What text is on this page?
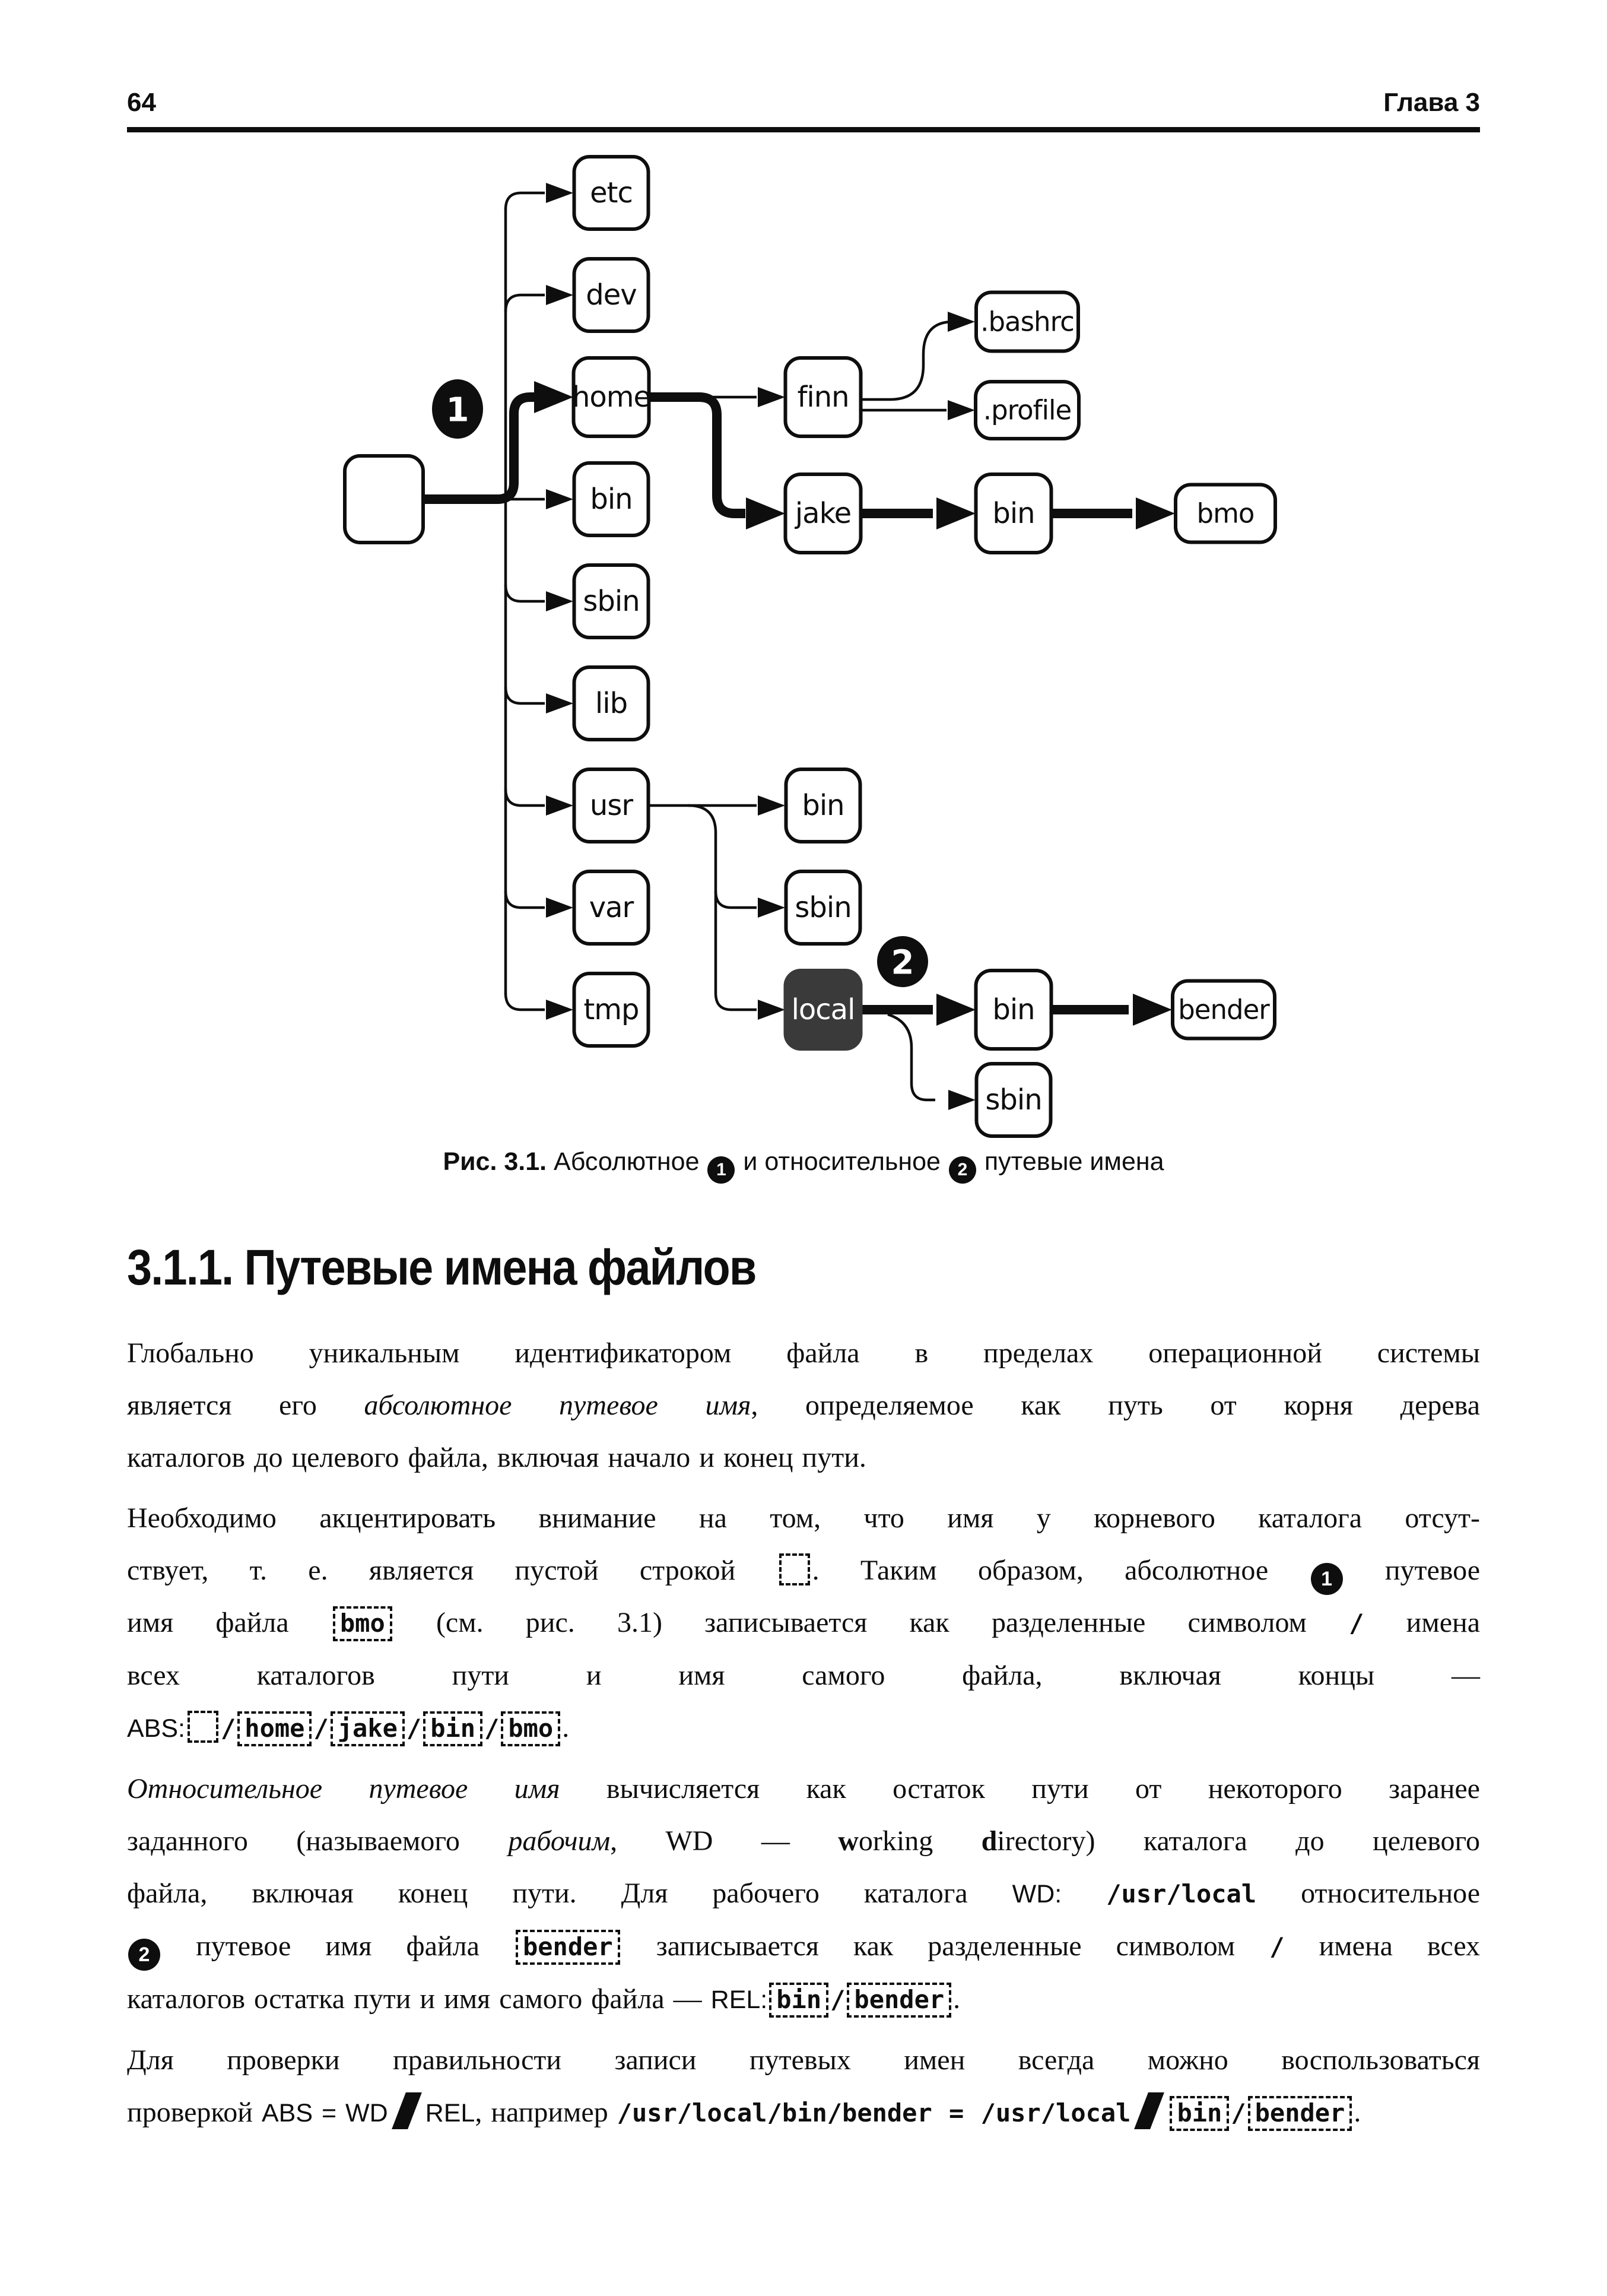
64	Глава 3
etc
dev
home
bin
sbin
lib
usr
var
tmp
finn
jake
.bashrc
.profile
bin	bmo
bin
sbin
local	bin	bender
sbin
1
2
Рис. 3.1. Абсолютное 1 и относительное 2 путевые имена
3.1.1. Путевые имена файлов
Глобально уникальным идентификатором файла в пределах операционной системы
является его абсолютное путевое имя, определяемое как путь от корня дерева
каталогов до целевого файла, включая начало и конец пути.
Необходимо акцентировать внимание на том, что имя у корневого каталога отсут-
ствует, т. е. является пустой строкой . Таким образом, абсолютное 1 путевое
имя файла bmo (см. рис. 3.1) записывается как разделенные символом / имена
всех каталогов пути и имя самого файла, включая концы —
ABS: / home / jake / bin / bmo .
Относительное путевое имя вычисляется как остаток пути от некоторого заранее
заданного (называемого рабочим, WD — working directory) каталога до целевого
файла, включая конец пути. Для рабочего каталога WD: /usr/local относительное
2 путевое имя файла bender записывается как разделенные символом / имена всех
каталогов остатка пути и имя самого файла — REL: bin / bender .
Для проверки правильности записи путевых имен всегда можно воспользоваться
проверкой ABS = WD REL, например /usr/local/bin/bender = /usr/local bin / bender .
